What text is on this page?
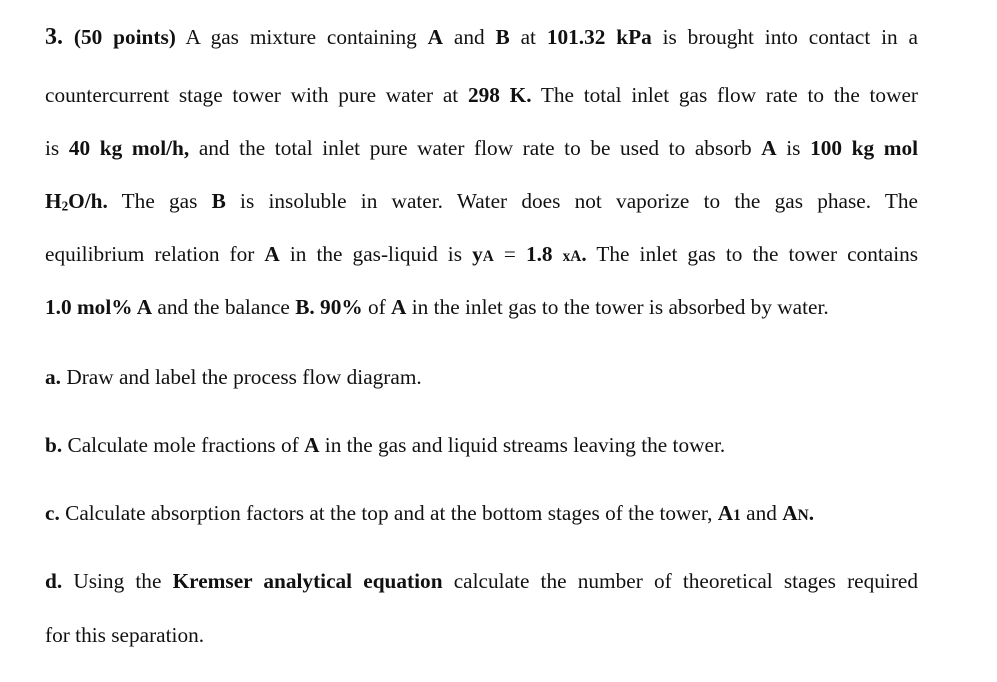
3. (50 points) A gas mixture containing A and B at 101.32 kPa is brought into contact in a
countercurrent stage tower with pure water at 298 K. The total inlet gas flow rate to the tower
is 40 kg mol/h, and the total inlet pure water flow rate to be used to absorb A is 100 kg mol
$H_2O/h$. The gas B is insoluble in water. Water does not vaporize to the gas phase. The
equilibrium relation for A in the gas-liquid is yA = 1.8 xA. The inlet gas to the tower contains
1.0 mol% A and the balance B. 90% of A in the inlet gas to the tower is absorbed by water.
a. Draw and label the process flow diagram.
b. Calculate mole fractions of A in the gas and liquid streams leaving the tower.
c. Calculate absorption factors at the top and at the bottom stages of the tower, A1 and AN.
d. Using the Kremser analytical equation calculate the number of theoretical stages required
for this separation.
